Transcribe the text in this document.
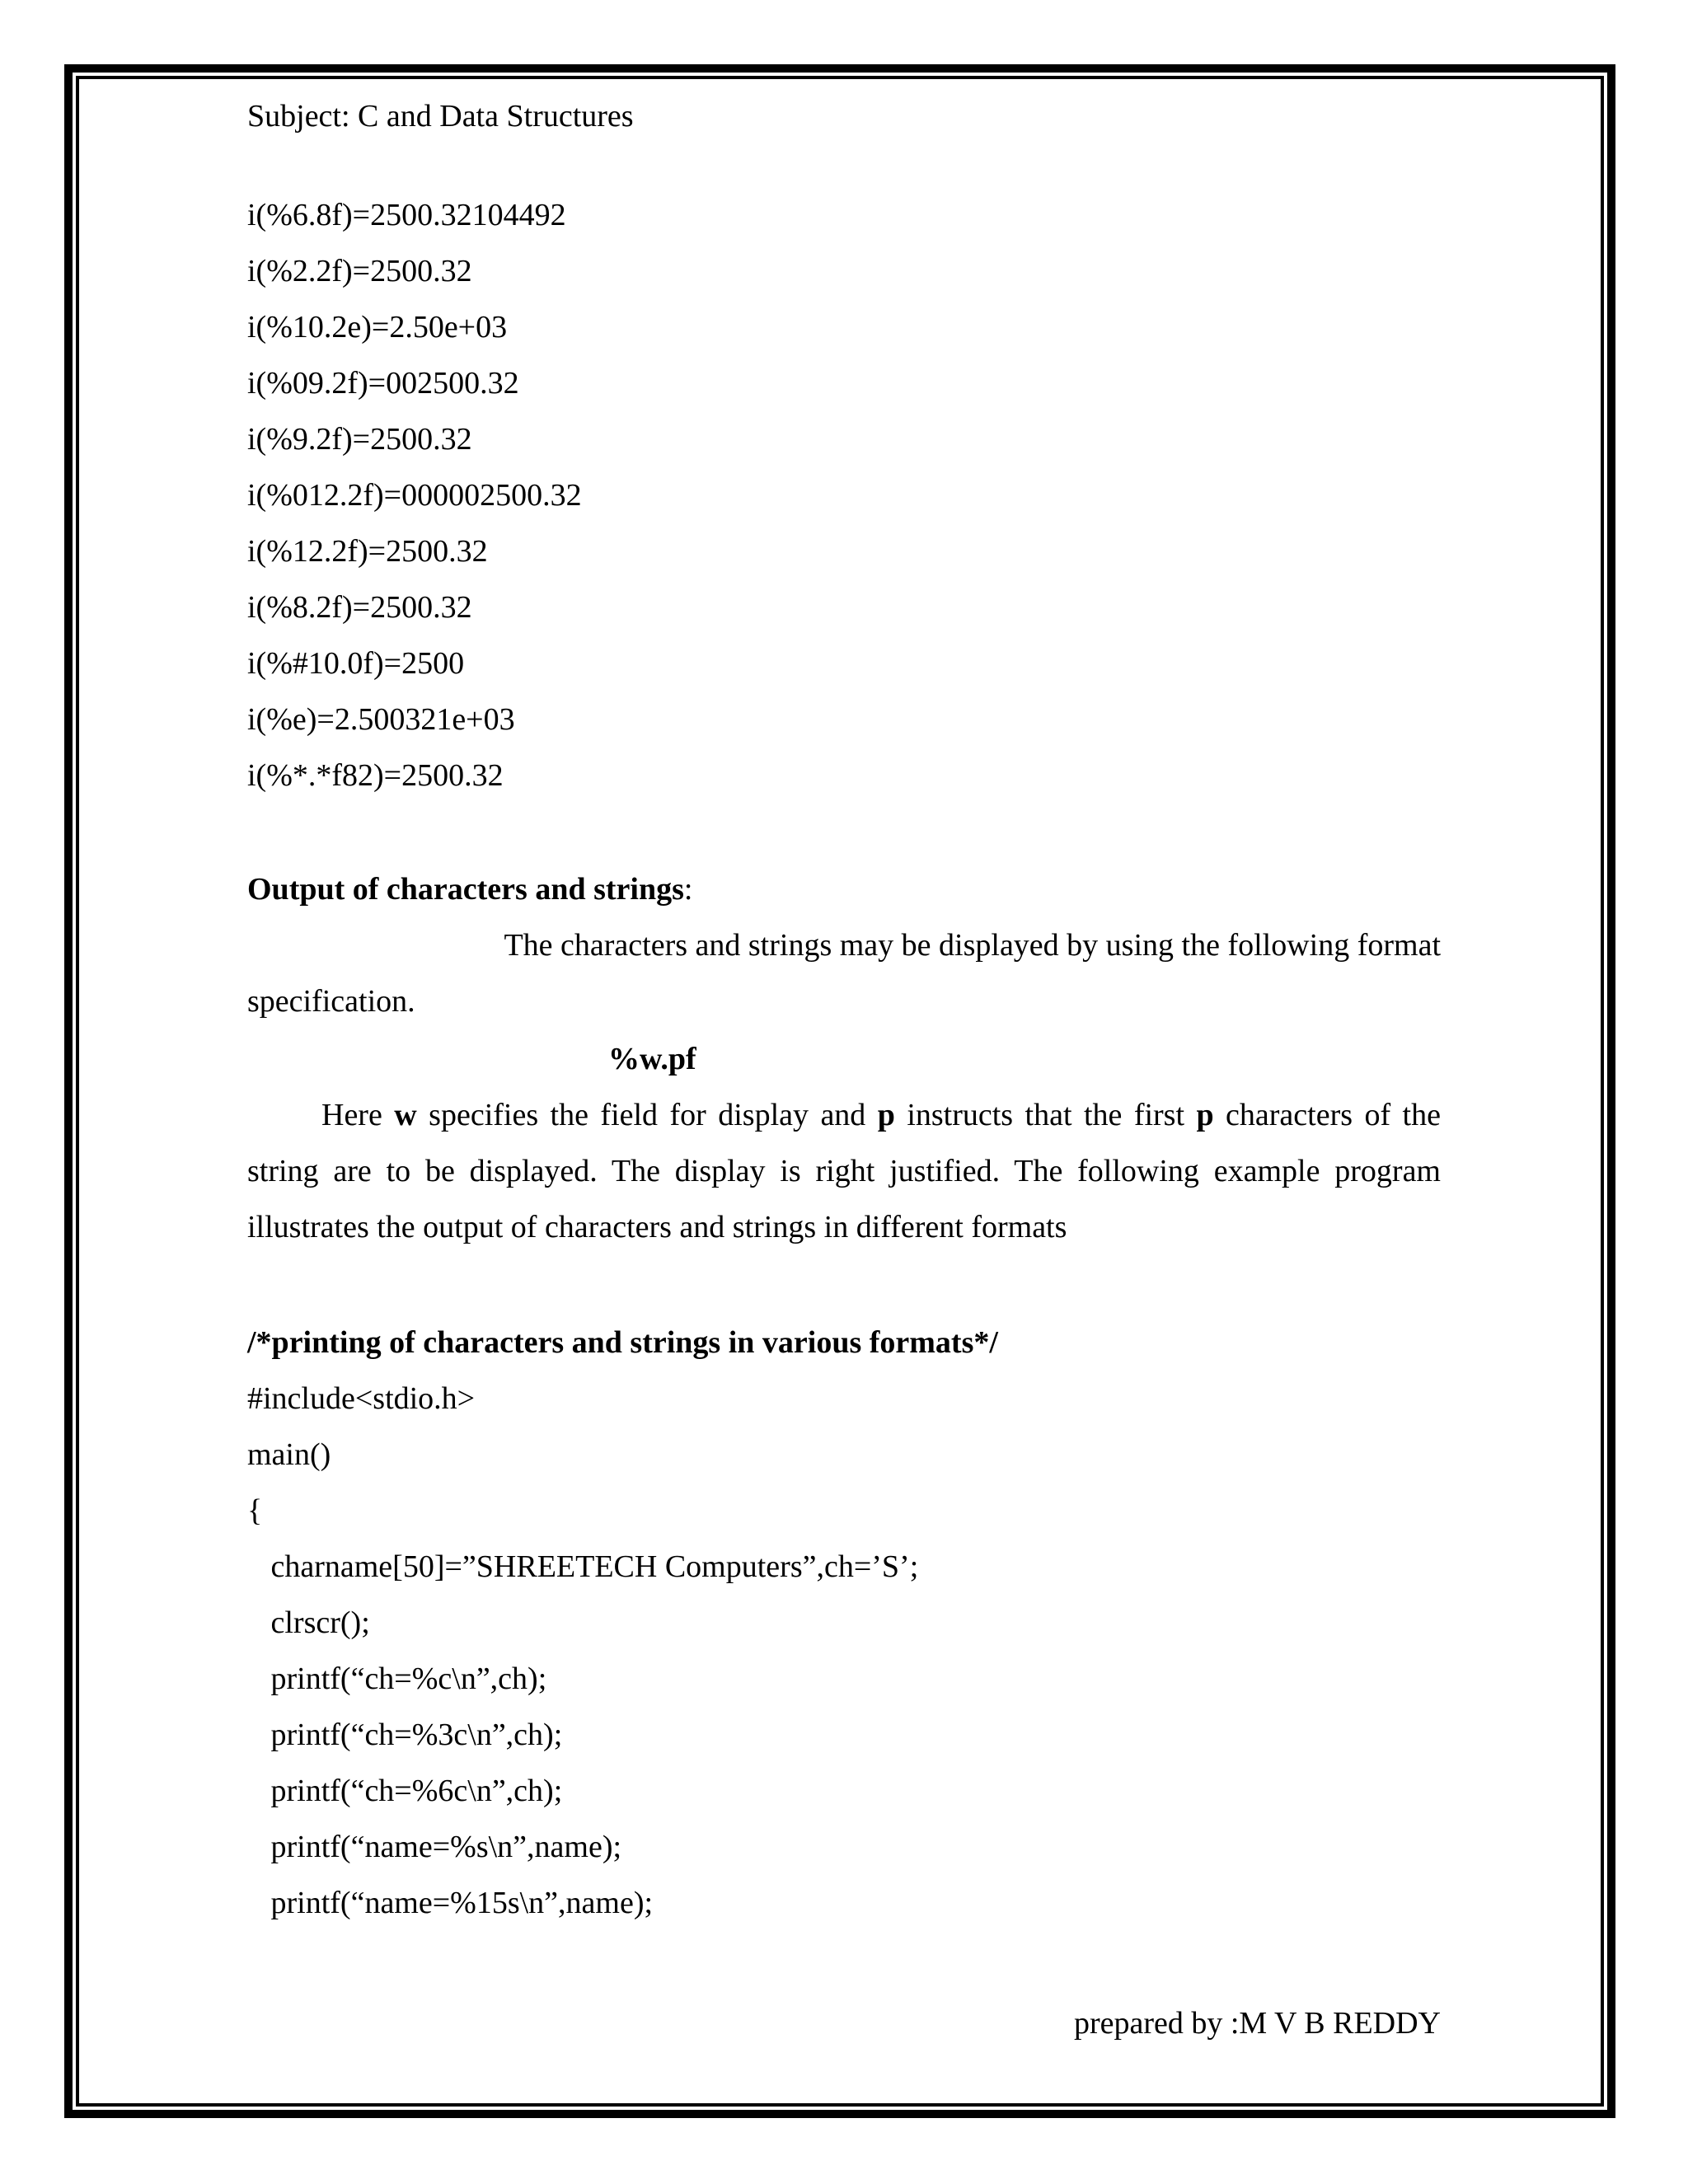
Subject: C and Data Structures
i(%6.8f)=2500.32104492
i(%2.2f)=2500.32
i(%10.2e)=2.50e+03
i(%09.2f)=002500.32
i(%9.2f)=2500.32
i(%012.2f)=000002500.32
i(%12.2f)=2500.32
i(%8.2f)=2500.32
i(%#10.0f)=2500
i(%e)=2.500321e+03
i(%*.*f82)=2500.32
Output of characters and strings:
The characters and strings may be displayed by using the following format
specification.
%w.pf
Here w specifies the field for display and p instructs that the first p characters of the
string are to be displayed. The display is right justified. The following example program
illustrates the output of characters and strings in different formats
/*printing of characters and strings in various formats*/
#include<stdio.h>
main()
{
charname[50]=”SHREETECH Computers”,ch=’S’;
clrscr();
printf(“ch=%c\n”,ch);
printf(“ch=%3c\n”,ch);
printf(“ch=%6c\n”,ch);
printf(“name=%s\n”,name);
printf(“name=%15s\n”,name);
prepared by :M V B REDDY
